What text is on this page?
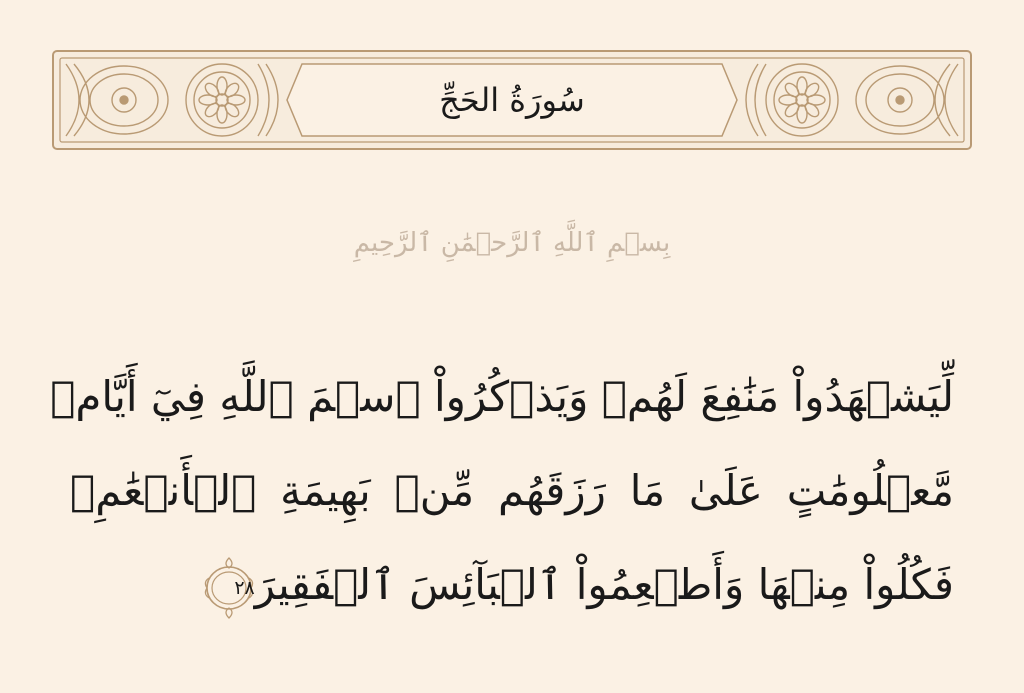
سُورَةُ الحَجِّ
بِسۡمِ ٱللَّهِ ٱلرَّحۡمَٰنِ ٱلرَّحِيمِ
لِّيَشۡهَدُواْ مَنَٰفِعَ لَهُمۡ وَيَذۡكُرُواْ ٱسۡمَ ٱللَّهِ فِيٓ أَيَّامٖ
مَّعۡلُومَٰتٍ عَلَىٰ مَا رَزَقَهُم مِّنۢ بَهِيمَةِ ٱلۡأَنۡعَٰمِۖ
فَكُلُواْ مِنۡهَا وَأَطۡعِمُواْ ٱلۡبَآئِسَ ٱلۡفَقِيرَ
٢٨
